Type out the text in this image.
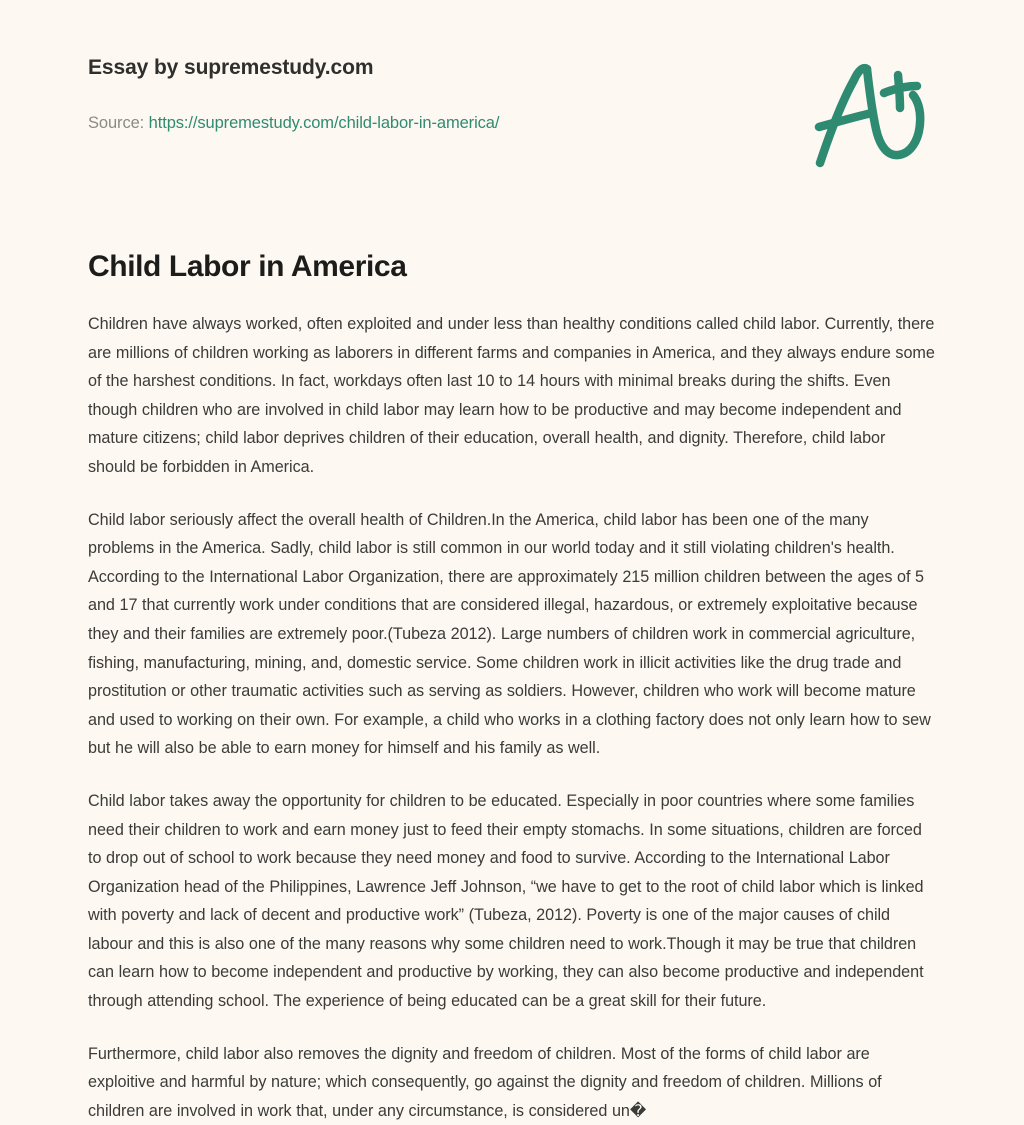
Essay by supremestudy.com
Source: https://supremestudy.com/child-labor-in-america/
Child Labor in America

Children have always worked, often exploited and under less than healthy conditions called child labor. Currently, there are millions of children working as laborers in different farms and companies in America, and they always endure some of the harshest conditions. In fact, workdays often last 10 to 14 hours with minimal breaks during the shifts. Even though children who are involved in child labor may learn how to be productive and may become independent and mature citizens; child labor deprives children of their education, overall health, and dignity. Therefore, child labor should be forbidden in America.

Child labor seriously affect the overall health of Children.In the America, child labor has been one of the many problems in the America. Sadly, child labor is still common in our world today and it still violating children's health. According to the International Labor Organization, there are approximately 215 million children between the ages of 5 and 17 that currently work under conditions that are considered illegal, hazardous, or extremely exploitative because they and their families are extremely poor.(Tubeza 2012). Large numbers of children work in commercial agriculture, fishing, manufacturing, mining, and, domestic service. Some children work in illicit activities like the drug trade and prostitution or other traumatic activities such as serving as soldiers. However, children who work will become mature and used to working on their own. For example, a child who works in a clothing factory does not only learn how to sew but he will also be able to earn money for himself and his family as well.

Child labor takes away the opportunity for children to be educated. Especially in poor countries where some families need their children to work and earn money just to feed their empty stomachs. In some situations, children are forced to drop out of school to work because they need money and food to survive. According to the International Labor Organization head of the Philippines, Lawrence Jeff Johnson, “we have to get to the root of child labor which is linked with poverty and lack of decent and productive work” (Tubeza, 2012). Poverty is one of the major causes of child labour and this is also one of the many reasons why some children need to work.Though it may be true that children can learn how to become independent and productive by working, they can also become productive and independent through attending school. The experience of being educated can be a great skill for their future.

Furthermore, child labor also removes the dignity and freedom of children. Most of the forms of child labor are exploitive and harmful by nature; which consequently, go against the dignity and freedom of children. Millions of children are involved in work that, under any circumstance, is considered un�
